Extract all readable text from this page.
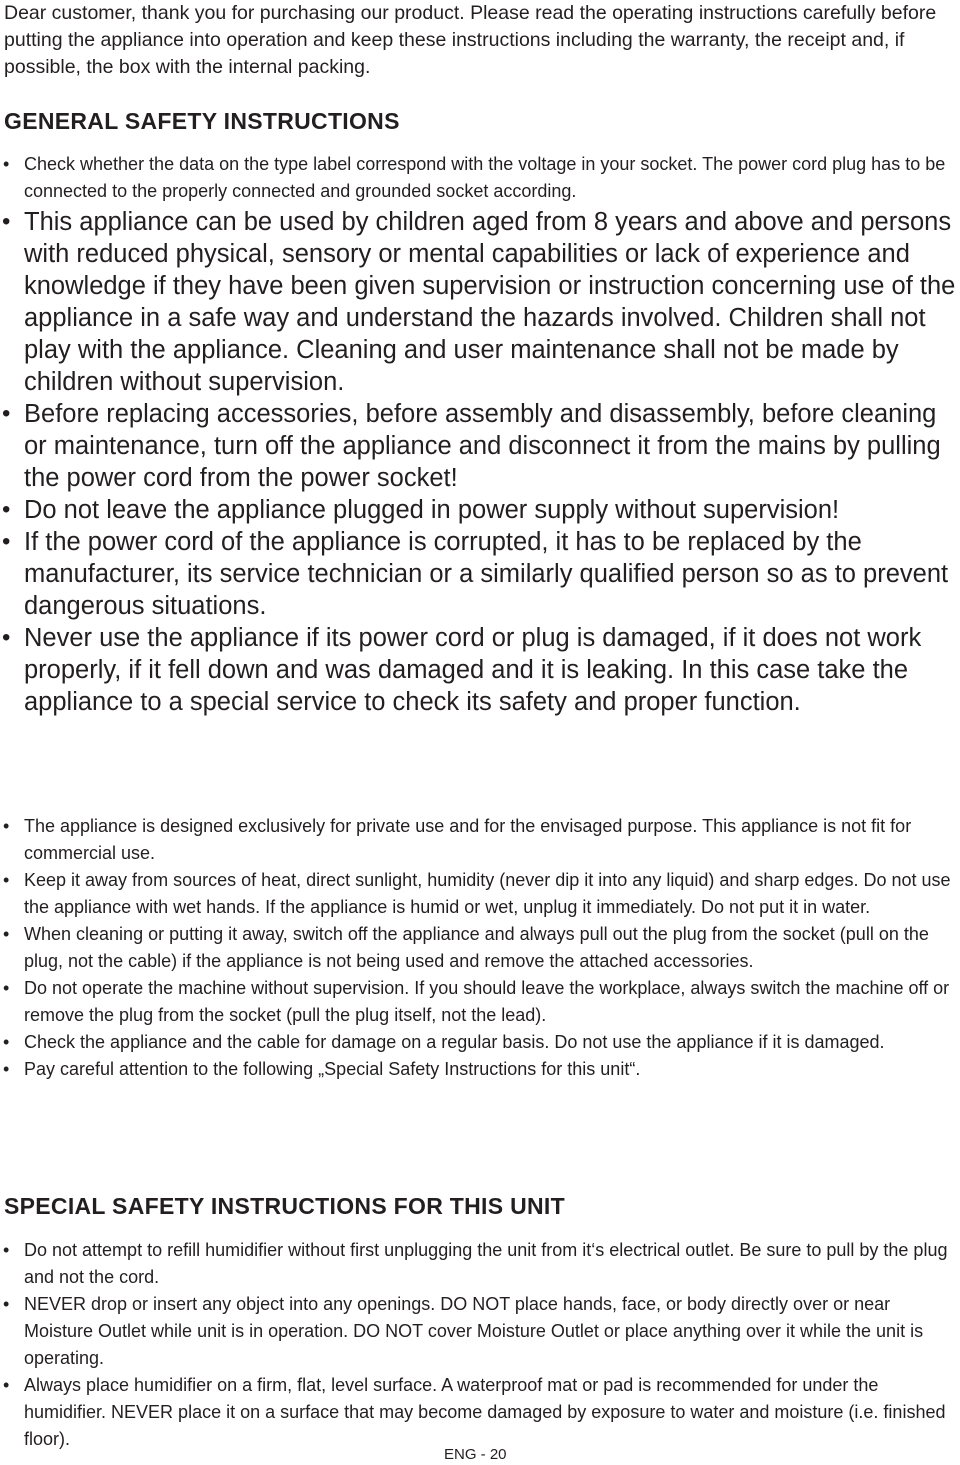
Dear customer, thank you for purchasing our product. Please read the operating instructions carefully before putting the appliance into operation and keep these instructions including the warranty, the receipt and, if possible, the box with the internal packing.

GENERAL SAFETY INSTRUCTIONS
• Check whether the data on the type label correspond with the voltage in your socket. The power cord plug has to be connected to the properly connected and grounded socket according.
• This appliance can be used by children aged from 8 years and above and persons with reduced physical, sensory or mental capabilities or lack of experience and knowledge if they have been given supervision or instruction concerning use of the appliance in a safe way and understand the hazards involved. Children shall not play with the appliance. Cleaning and user maintenance shall not be made by children without supervision.
• Before replacing accessories, before assembly and disassembly, before cleaning or maintenance, turn off the appliance and disconnect it from the mains by pulling the power cord from the power socket!
• Do not leave the appliance plugged in power supply without supervision!
• If the power cord of the appliance is corrupted, it has to be replaced by the manufacturer, its service technician or a similarly qualified person so as to prevent dangerous situations.
• Never use the appliance if its power cord or plug is damaged, if it does not work properly, if it fell down and was damaged and it is leaking. In this case take the appliance to a special service to check its safety and proper function.
• The appliance is designed exclusively for private use and for the envisaged purpose. This appliance is not fit for commercial use.
• Keep it away from sources of heat, direct sunlight, humidity (never dip it into any liquid) and sharp edges. Do not use the appliance with wet hands. If the appliance is humid or wet, unplug it immediately. Do not put it in water.
• When cleaning or putting it away, switch off the appliance and always pull out the plug from the socket (pull on the plug, not the cable) if the appliance is not being used and remove the attached accessories.
• Do not operate the machine without supervision. If you should leave the workplace, always switch the machine off or remove the plug from the socket (pull the plug itself, not the lead).
• Check the appliance and the cable for damage on a regular basis. Do not use the appliance if it is damaged.
• Pay careful attention to the following „Special Safety Instructions for this unit“.
SPECIAL SAFETY INSTRUCTIONS FOR THIS UNIT
• Do not attempt to refill humidifier without first unplugging the unit from it‘s electrical outlet. Be sure to pull by the plug and not the cord.
• NEVER drop or insert any object into any openings. DO NOT place hands, face, or body directly over or near Moisture Outlet while unit is in operation. DO NOT cover Moisture Outlet or place anything over it while the unit is operating.
• Always place humidifier on a firm, flat, level surface. A waterproof mat or pad is recommended for under the humidifier. NEVER place it on a surface that may become damaged by exposure to water and moisture (i.e. finished floor).
ENG - 20
